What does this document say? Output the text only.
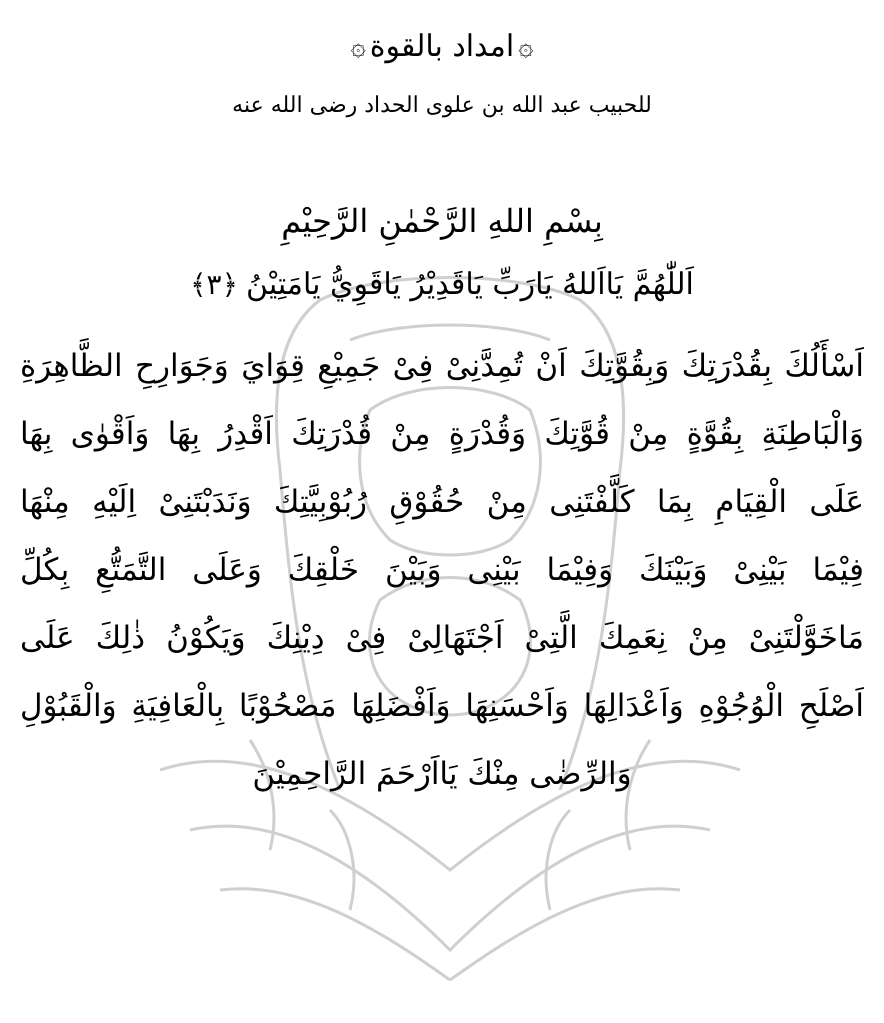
۞
امداد بالقوة
۞
للحبيب عبد الله بن علوى الحداد رضى الله عنه
بِسْمِ اللهِ الرَّحْمٰنِ الرَّحِيْمِ
اَللّٰهُمَّ يَااَللهُ يَارَبِّ يَاقَدِيْرُ يَاقَوِيُّ يَامَتِيْنُ
﴿٣﴾
اَسْأَلُكَ بِقُدْرَتِكَ وَبِقُوَّتِكَ اَنْ تُمِدَّنِىْ فِىْ جَمِيْعِ قِوَايَ وَجَوَارِحِ الظَّاهِرَةِ
وَالْبَاطِنَةِ بِقُوَّةٍ مِنْ قُوَّتِكَ وَقُدْرَةٍ مِنْ قُدْرَتِكَ اَقْدِرُ بِهَا وَاَقْوٰى بِهَا
عَلَى الْقِيَامِ بِمَا كَلَّفْتَنِى مِنْ حُقُوْقِ رُبُوْبِيَّتِكَ وَنَدَبْتَنِىْ اِلَيْهِ مِنْهَا
فِيْمَا بَيْنِىْ وَبَيْنَكَ وَفِيْمَا بَيْنِى وَبَيْنَ خَلْقِكَ وَعَلَى التَّمَتُّعِ بِكُلِّ
مَاخَوَّلْتَنِىْ مِنْ نِعَمِكَ الَّتِىْ اَجْتَهَالِىْ فِىْ دِيْنِكَ وَيَكُوْنُ ذٰلِكَ عَلَى
اَصْلَحِ الْوُجُوْهِ وَاَعْدَالِهَا وَاَحْسَنِهَا وَاَفْضَلِهَا مَصْحُوْبًا بِالْعَافِيَةِ وَالْقَبُوْلِ
وَالرِّضٰى مِنْكَ يَااَرْحَمَ الرَّاحِمِيْنَ
